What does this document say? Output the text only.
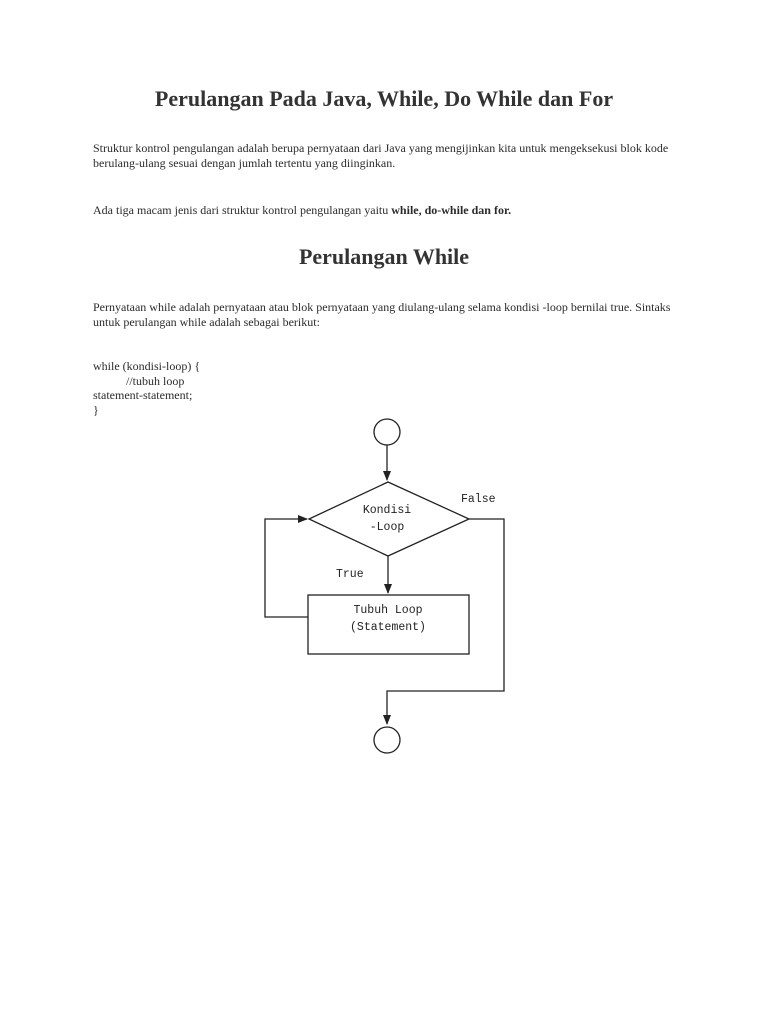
Perulangan Pada Java, While, Do While dan For

Struktur kontrol pengulangan adalah berupa pernyataan dari Java yang mengijinkan kita untuk mengeksekusi blok kode berulang-ulang sesuai dengan jumlah tertentu yang diinginkan.

Ada tiga macam jenis dari struktur kontrol pengulangan yaitu while, do-while dan for.

Perulangan While

Pernyataan while adalah pernyataan atau blok pernyataan yang diulang-ulang selama kondisi -loop bernilai true. Sintaks untuk perulangan while adalah sebagai berikut:

while (kondisi-loop) {
//tubuh loop
statement-statement;
}
Kondisi
-Loop
False
True
Tubuh Loop
(Statement)
